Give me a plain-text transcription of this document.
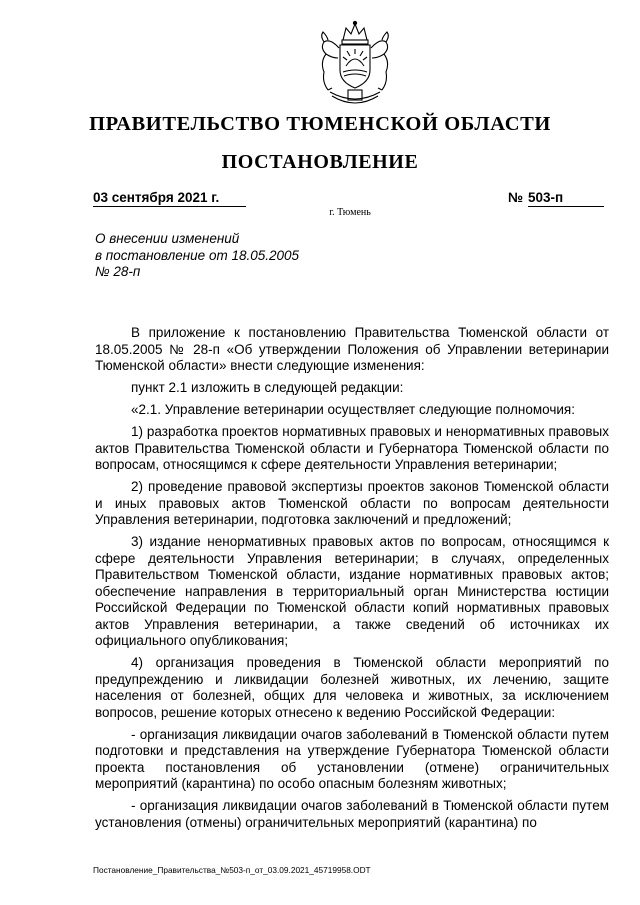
ПРАВИТЕЛЬСТВО ТЮМЕНСКОЙ ОБЛАСТИ
ПОСТАНОВЛЕНИЕ
03 сентября 2021 г.	№ 503-п
г. Тюмень
О внесении изменений
в постановление от 18.05.2005
№ 28-п

В приложение к постановлению Правительства Тюменской области от 18.05.2005 № 28-п «Об утверждении Положения об Управлении ветеринарии Тюменской области» внести следующие изменения:

пункт 2.1 изложить в следующей редакции:

«2.1. Управление ветеринарии осуществляет следующие полномочия:

1) разработка проектов нормативных правовых и ненормативных правовых актов Правительства Тюменской области и Губернатора Тюменской области по вопросам, относящимся к сфере деятельности Управления ветеринарии;

2) проведение правовой экспертизы проектов законов Тюменской области и иных правовых актов Тюменской области по вопросам деятельности Управления ветеринарии, подготовка заключений и предложений;

3) издание ненормативных правовых актов по вопросам, относящимся к сфере деятельности Управления ветеринарии; в случаях, определенных Правительством Тюменской области, издание нормативных правовых актов; обеспечение направления в территориальный орган Министерства юстиции Российской Федерации по Тюменской области копий нормативных правовых актов Управления ветеринарии, а также сведений об источниках их официального опубликования;

4) организация проведения в Тюменской области мероприятий по предупреждению и ликвидации болезней животных, их лечению, защите населения от болезней, общих для человека и животных, за исключением вопросов, решение которых отнесено к ведению Российской Федерации:

- организация ликвидации очагов заболеваний в Тюменской области путем подготовки и представления на утверждение Губернатора Тюменской области проекта постановления об установлении (отмене) ограничительных мероприятий (карантина) по особо опасным болезням животных;

- организация ликвидации очагов заболеваний в Тюменской области путем установления (отмены) ограничительных мероприятий (карантина) по

Постановление_Правительства_№503-п_от_03.09.2021_45719958.ODT
